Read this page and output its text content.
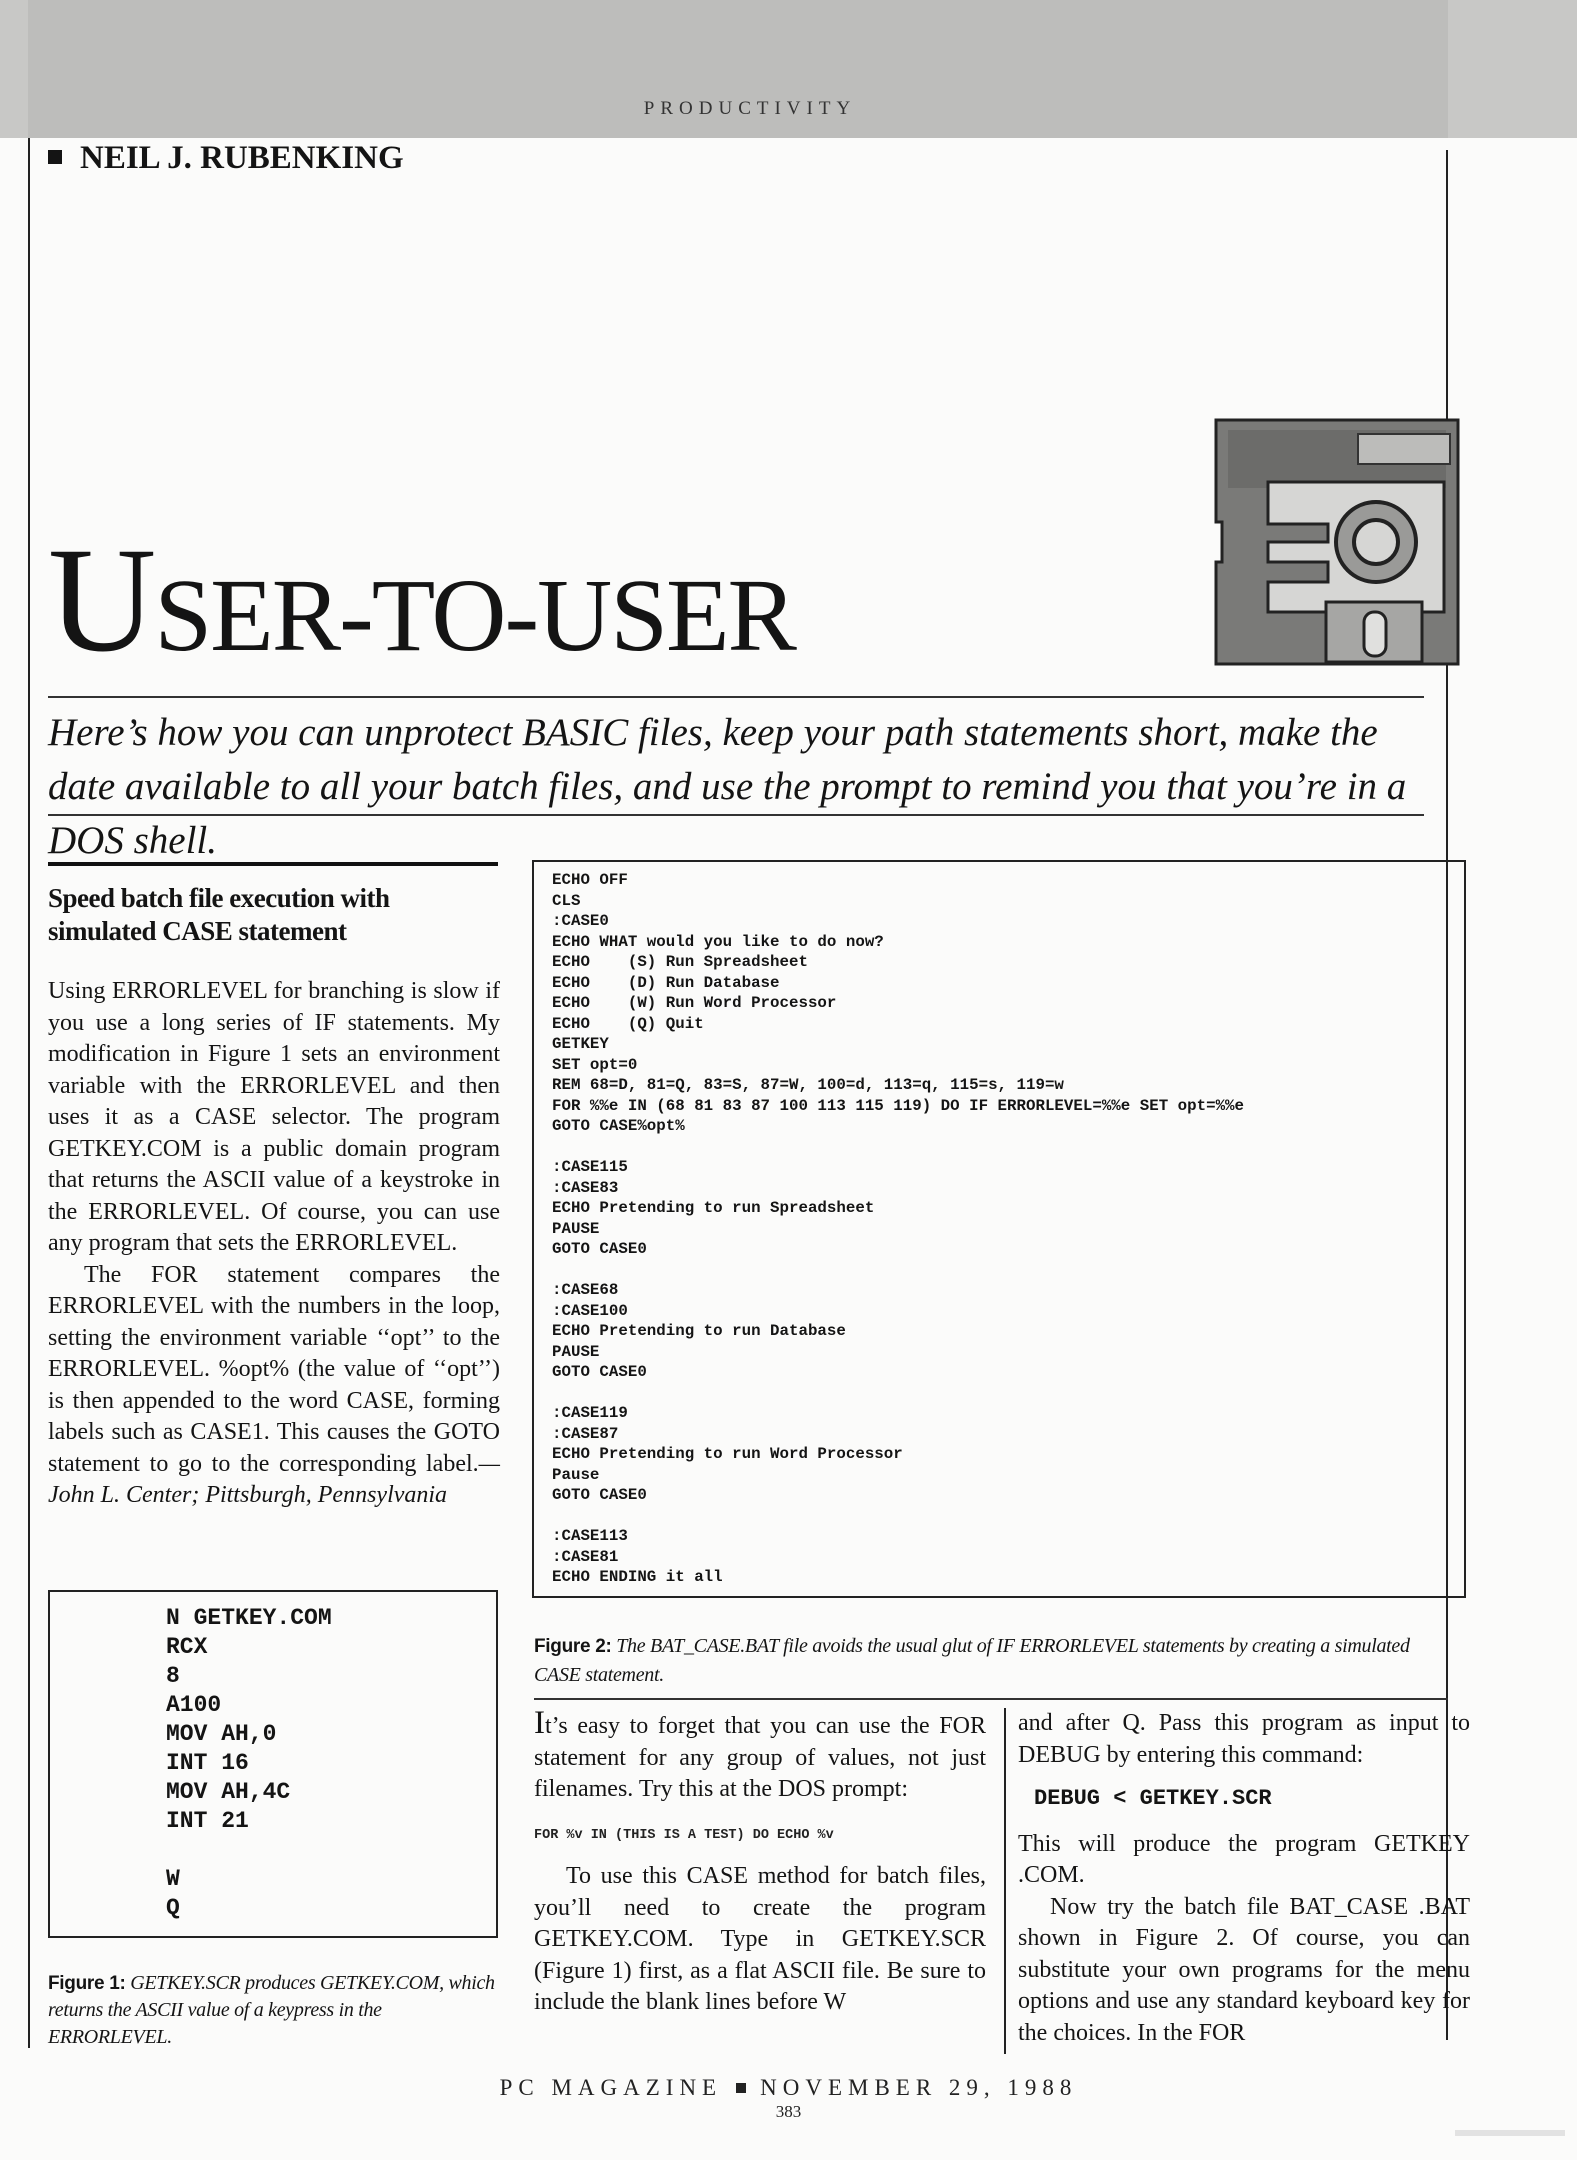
PRODUCTIVITY
NEIL J. RUBENKING
USER-TO-USER
Here’s how you can unprotect BASIC files, keep your path statements short, make the date available to all your batch files, and use the prompt to remind you that you’re in a DOS shell.
Speed batch file execution with simulated CASE statement

Using ERRORLEVEL for branching is slow if you use a long series of IF statements. My modification in Figure 1 sets an environment variable with the ERRORLEVEL and then uses it as a CASE selector. The program GETKEY.COM is a public domain program that returns the ASCII value of a keystroke in the ERRORLEVEL. Of course, you can use any program that sets the ERRORLEVEL.

The FOR statement compares the ERRORLEVEL with the numbers in the loop, setting the environment variable ‘‘opt’’ to the ERRORLEVEL. %opt% (the value of ‘‘opt’’) is then appended to the word CASE, forming labels such as CASE1. This causes the GOTO statement to go to the corresponding label.—John L. Center; Pittsburgh, Pennsylvania

N GETKEY.COM
RCX
8
A100
MOV AH,0
INT 16
MOV AH,4C
INT 21

W
Q
Figure 1: GETKEY.SCR produces GETKEY.COM, which returns the ASCII value of a keypress in the ERRORLEVEL.
ECHO OFF
CLS
:CASE0
ECHO WHAT would you like to do now?
ECHO    (S) Run Spreadsheet
ECHO    (D) Run Database
ECHO    (W) Run Word Processor
ECHO    (Q) Quit
GETKEY
SET opt=0
REM 68=D, 81=Q, 83=S, 87=W, 100=d, 113=q, 115=s, 119=w
FOR %%e IN (68 81 83 87 100 113 115 119) DO IF ERRORLEVEL=%%e SET opt=%%e
GOTO CASE%opt%

:CASE115
:CASE83
ECHO Pretending to run Spreadsheet
PAUSE
GOTO CASE0

:CASE68
:CASE100
ECHO Pretending to run Database
PAUSE
GOTO CASE0

:CASE119
:CASE87
ECHO Pretending to run Word Processor
Pause
GOTO CASE0

:CASE113
:CASE81
ECHO ENDING it all
Figure 2: The BAT_CASE.BAT file avoids the usual glut of IF ERRORLEVEL statements by creating a simulated CASE statement.

It’s easy to forget that you can use the FOR statement for any group of values, not just filenames. Try this at the DOS prompt:

FOR %v IN (THIS IS A TEST) DO ECHO %v

To use this CASE method for batch files, you’ll need to create the program GETKEY.COM. Type in GETKEY.SCR (Figure 1) first, as a flat ASCII file. Be sure to include the blank lines before W

and after Q. Pass this program as input to DEBUG by entering this command:

DEBUG < GETKEY.SCR

This will produce the program GETKEY .COM.

Now try the batch file BAT_CASE .BAT shown in Figure 2. Of course, you can substitute your own programs for the menu options and use any standard keyboard key for the choices. In the FOR

PC MAGAZINE NOVEMBER 29, 1988
383
